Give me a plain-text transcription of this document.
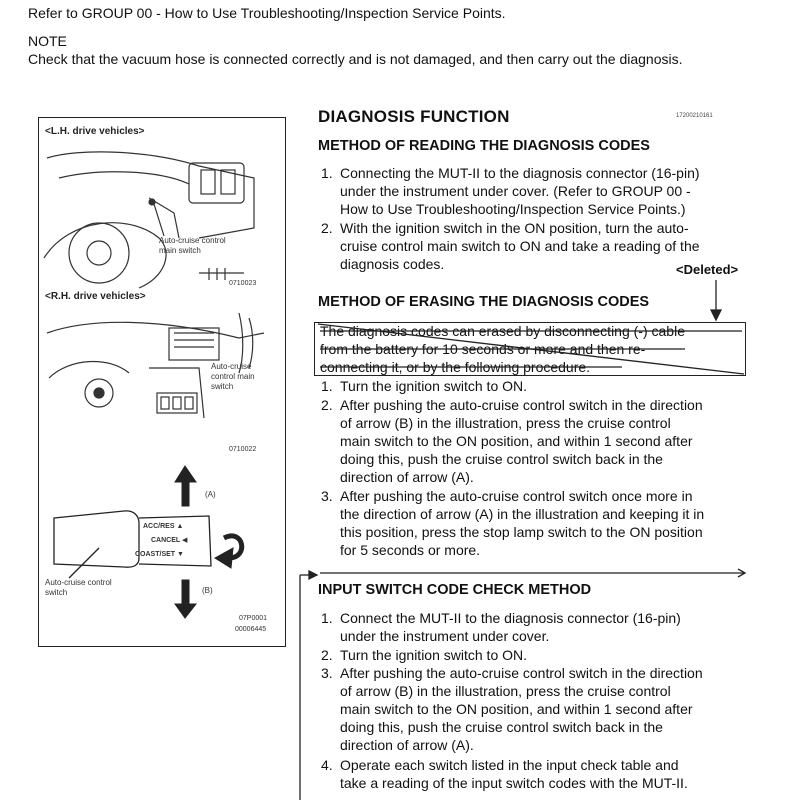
Refer to GROUP 00 - How to Use Troubleshooting/Inspection Service Points.
NOTE
Check that the vacuum hose is connected correctly and is not damaged, and then carry out the diagnosis.
<L.H. drive vehicles>
Auto-cruise control
main switch
0710023
<R.H. drive vehicles>
Auto-cruise
control main
switch
0710022
(A)
(B)
ACC/RES ▲
CANCEL ◀
COAST/SET ▼
Auto-cruise control
switch
07P0001
00006445
DIAGNOSIS FUNCTION	17200210161
METHOD OF READING THE DIAGNOSIS CODES
1. Connecting the MUT-II to the diagnosis connector (16-pin)
under the instrument under cover. (Refer to GROUP 00 -
How to Use Troubleshooting/Inspection Service Points.)
2. With the ignition switch in the ON position, turn the auto-
cruise control main switch to ON and take a reading of the
diagnosis codes.	<Deleted>
METHOD OF ERASING THE DIAGNOSIS CODES
The diagnosis codes can erased by disconnecting (-) cable
from the battery for 10 seconds or more and then re-
connecting it, or by the following procedure.
1. Turn the ignition switch to ON.
2. After pushing the auto-cruise control switch in the direction
of arrow (B) in the illustration, press the cruise control
main switch to the ON position, and within 1 second after
doing this, push the cruise control switch back in the
direction of arrow (A).
3. After pushing the auto-cruise control switch once more in
the direction of arrow (A) in the illustration and keeping it in
this position, press the stop lamp switch to the ON position
for 5 seconds or more.
INPUT SWITCH CODE CHECK METHOD
1. Connect the MUT-II to the diagnosis connector (16-pin)
under the instrument under cover.
2. Turn the ignition switch to ON.
3. After pushing the auto-cruise control switch in the direction
of arrow (B) in the illustration, press the cruise control
main switch to the ON position, and within 1 second after
doing this, push the cruise control switch back in the
direction of arrow (A).
4. Operate each switch listed in the input check table and
take a reading of the input switch codes with the MUT-II.
